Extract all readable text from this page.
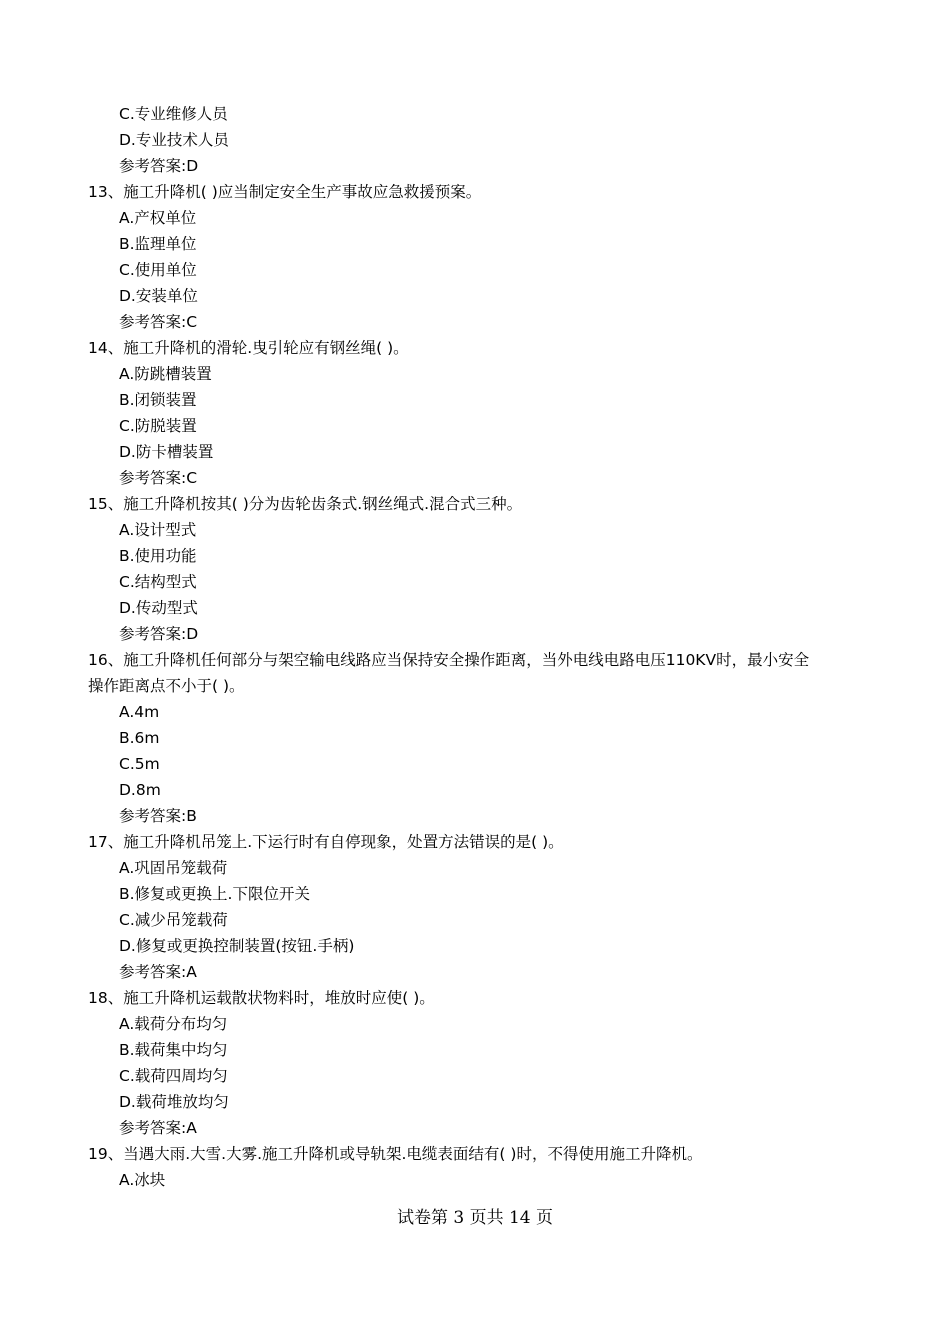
C.专业维修人员
D.专业技术人员
参考答案:D
13、施工升降机( )应当制定安全生产事故应急救援预案。
A.产权单位
B.监理单位
C.使用单位
D.安装单位
参考答案:C
14、施工升降机的滑轮.曳引轮应有钢丝绳( )。
A.防跳槽装置
B.闭锁装置
C.防脱装置
D.防卡槽装置
参考答案:C
15、施工升降机按其( )分为齿轮齿条式.钢丝绳式.混合式三种。
A.设计型式
B.使用功能
C.结构型式
D.传动型式
参考答案:D
16、施工升降机任何部分与架空输电线路应当保持安全操作距离，当外电线电路电压110KV时，最小安全
操作距离点不小于( )。
A.4m
B.6m
C.5m
D.8m
参考答案:B
17、施工升降机吊笼上.下运行时有自停现象，处置方法错误的是( )。
A.巩固吊笼载荷
B.修复或更换上.下限位开关
C.减少吊笼载荷
D.修复或更换控制装置(按钮.手柄)
参考答案:A
18、施工升降机运载散状物料时，堆放时应使( )。
A.载荷分布均匀
B.载荷集中均匀
C.载荷四周均匀
D.载荷堆放均匀
参考答案:A
19、当遇大雨.大雪.大雾.施工升降机或导轨架.电缆表面结有( )时，不得使用施工升降机。
A.冰块
试卷第 3 页共 14 页
